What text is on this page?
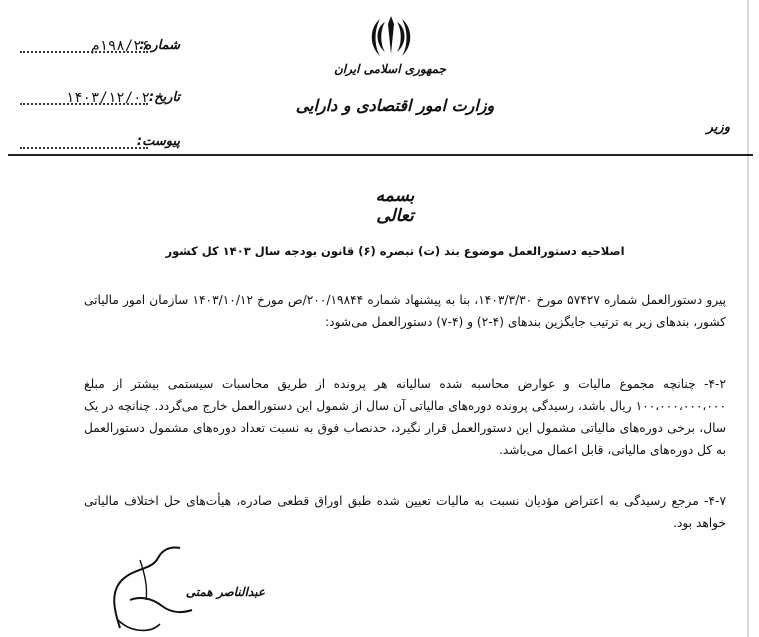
شماره:
۱۹۸/۲۶م
تاریخ:
۱۴۰۳/۱۲/۰۲
پیوست:
جمهوری اسلامی ایران
وزارت امور اقتصادی و دارایی
وزیر
بسمه تعالی
اصلاحیه دستورالعمل موضوع بند (ت) تبصره (۶) قانون بودجه سال ۱۴۰۳ کل کشور
پیرو دستورالعمل شماره ۵۷۴۲۷ مورخ ۱۴۰۳/۳/۳۰، بنا به پیشنهاد شماره ۲۰۰/۱۹۸۴۴/ص مورخ ۱۴۰۳/۱۰/۱۲ سازمان امور مالیاتی کشور، بندهای زیر به ترتیب جایگزین بندهای (۴-۲) و (۴-۷) دستورالعمل می‌شود:
۴-۲- چنانچه مجموع مالیات و عوارض محاسبه شده سالیانه هر پرونده از طریق محاسبات سیستمی بیشتر از مبلغ ۱۰۰،۰۰۰،۰۰۰،۰۰۰ ریال باشد، رسیدگی پرونده دوره‌های مالیاتی آن سال از شمول این دستورالعمل خارج می‌گردد. چنانچه در یک سال، برخی دوره‌های مالیاتی مشمول این دستورالعمل قرار نگیرد، حدنصاب فوق به نسبت تعداد دوره‌های مشمول دستورالعمل به کل دوره‌های مالیاتی، قابل اعمال می‌باشد.
۴-۷- مرجع رسیدگی به اعتراض مؤدیان نسبت به مالیات تعیین شده طبق اوراق قطعی صادره، هیأت‌های حل اختلاف مالیاتی خواهد بود.
عبدالناصر همتی
